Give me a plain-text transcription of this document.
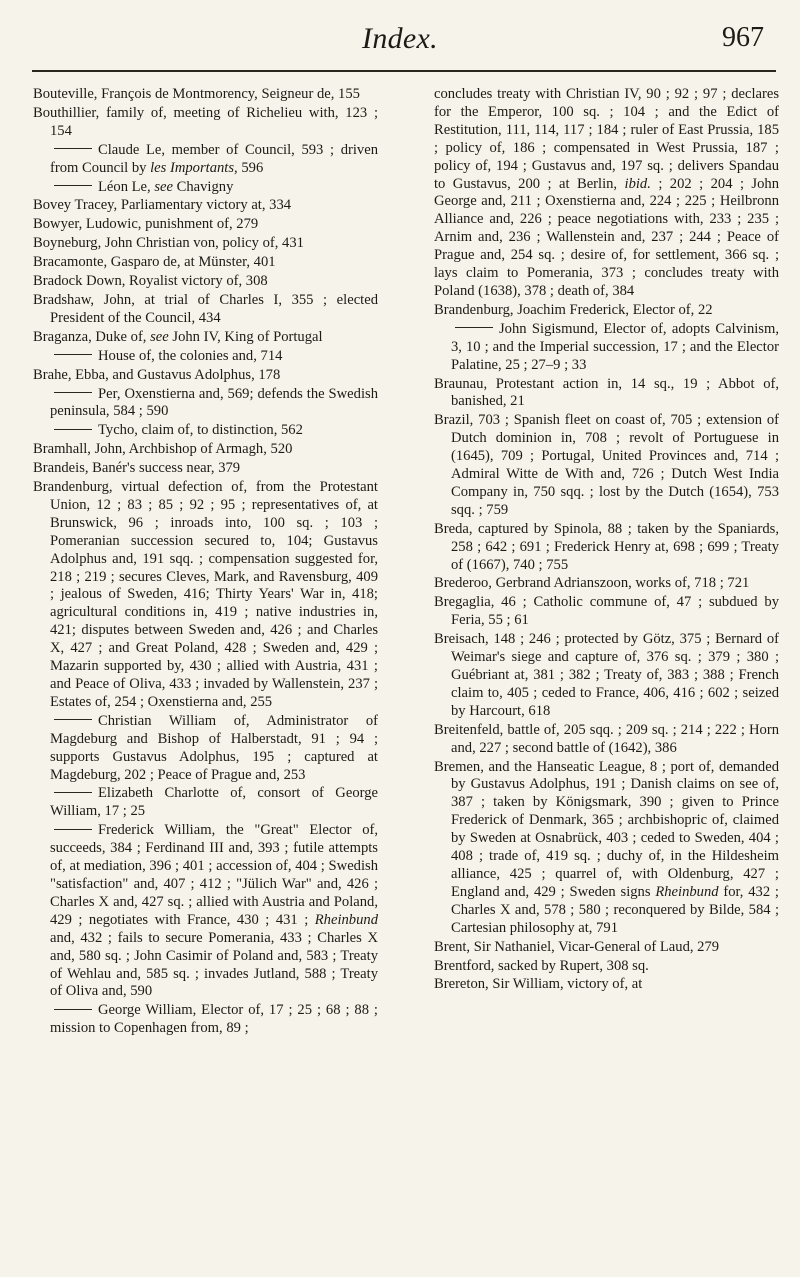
Index.	967
Bouteville, François de Montmorency, Seigneur de, 155
Bouthillier, family of, meeting of Richelieu with, 123 ; 154
Claude Le, member of Council, 593 ; driven from Council by les Importants, 596
Léon Le, see Chavigny
Bovey Tracey, Parliamentary victory at, 334
Bowyer, Ludowic, punishment of, 279
Boyneburg, John Christian von, policy of, 431
Bracamonte, Gasparo de, at Münster, 401
Bradock Down, Royalist victory of, 308
Bradshaw, John, at trial of Charles I, 355 ; elected President of the Council, 434
Braganza, Duke of, see John IV, King of Portugal
House of, the colonies and, 714
Brahe, Ebba, and Gustavus Adolphus, 178
Per, Oxenstierna and, 569; defends the Swedish peninsula, 584 ; 590
Tycho, claim of, to distinction, 562
Bramhall, John, Archbishop of Armagh, 520
Brandeis, Banér's success near, 379
Brandenburg, virtual defection of, from the Protestant Union, 12 ; 83 ; 85 ; 92 ; 95 ; representatives of, at Brunswick, 96 ; inroads into, 100 sq. ; 103 ; Pomeranian succession secured to, 104; Gustavus Adolphus and, 191 sqq. ; compensation suggested for, 218 ; 219 ; secures Cleves, Mark, and Ravensburg, 409 ; jealous of Sweden, 416; Thirty Years' War in, 418; agricultural conditions in, 419 ; native industries in, 421; disputes between Sweden and, 426 ; and Charles X, 427 ; and Great Poland, 428 ; Sweden and, 429 ; Mazarin supported by, 430 ; allied with Austria, 431 ; and Peace of Oliva, 433 ; invaded by Wallenstein, 237 ; Estates of, 254 ; Oxenstierna and, 255
Christian William of, Administrator of Magdeburg and Bishop of Halberstadt, 91 ; 94 ; supports Gustavus Adolphus, 195 ; captured at Magdeburg, 202 ; Peace of Prague and, 253
Elizabeth Charlotte of, consort of George William, 17 ; 25
Frederick William, the "Great" Elector of, succeeds, 384 ; Ferdinand III and, 393 ; futile attempts of, at mediation, 396 ; 401 ; accession of, 404 ; Swedish "satisfaction" and, 407 ; 412 ; "Jülich War" and, 426 ; Charles X and, 427 sq. ; allied with Austria and Poland, 429 ; negotiates with France, 430 ; 431 ; Rheinbund and, 432 ; fails to secure Pomerania, 433 ; Charles X and, 580 sq. ; John Casimir of Poland and, 583 ; Treaty of Wehlau and, 585 sq. ; invades Jutland, 588 ; Treaty of Oliva and, 590
George William, Elector of, 17 ; 25 ; 68 ; 88 ; mission to Copenhagen from, 89 ;
concludes treaty with Christian IV, 90 ; 92 ; 97 ; declares for the Emperor, 100 sq. ; 104 ; and the Edict of Restitution, 111, 114, 117 ; 184 ; ruler of East Prussia, 185 ; policy of, 186 ; compensated in West Prussia, 187 ; policy of, 194 ; Gustavus and, 197 sq. ; delivers Spandau to Gustavus, 200 ; at Berlin, ibid. ; 202 ; 204 ; John George and, 211 ; Oxenstierna and, 224 ; 225 ; Heilbronn Alliance and, 226 ; peace negotiations with, 233 ; 235 ; Arnim and, 236 ; Wallenstein and, 237 ; 244 ; Peace of Prague and, 254 sq. ; desire of, for settlement, 366 sq. ; lays claim to Pomerania, 373 ; concludes treaty with Poland (1638), 378 ; death of, 384
Brandenburg, Joachim Frederick, Elector of, 22
John Sigismund, Elector of, adopts Calvinism, 3, 10 ; and the Imperial succession, 17 ; and the Elector Palatine, 25 ; 27–9 ; 33
Braunau, Protestant action in, 14 sq., 19 ; Abbot of, banished, 21
Brazil, 703 ; Spanish fleet on coast of, 705 ; extension of Dutch dominion in, 708 ; revolt of Portuguese in (1645), 709 ; Portugal, United Provinces and, 714 ; Admiral Witte de With and, 726 ; Dutch West India Company in, 750 sqq. ; lost by the Dutch (1654), 753 sqq. ; 759
Breda, captured by Spinola, 88 ; taken by the Spaniards, 258 ; 642 ; 691 ; Frederick Henry at, 698 ; 699 ; Treaty of (1667), 740 ; 755
Brederoo, Gerbrand Adrianszoon, works of, 718 ; 721
Bregaglia, 46 ; Catholic commune of, 47 ; subdued by Feria, 55 ; 61
Breisach, 148 ; 246 ; protected by Götz, 375 ; Bernard of Weimar's siege and capture of, 376 sq. ; 379 ; 380 ; Guébriant at, 381 ; 382 ; Treaty of, 383 ; 388 ; French claim to, 405 ; ceded to France, 406, 416 ; 602 ; seized by Harcourt, 618
Breitenfeld, battle of, 205 sqq. ; 209 sq. ; 214 ; 222 ; Horn and, 227 ; second battle of (1642), 386
Bremen, and the Hanseatic League, 8 ; port of, demanded by Gustavus Adolphus, 191 ; Danish claims on see of, 387 ; taken by Königsmark, 390 ; given to Prince Frederick of Denmark, 365 ; archbishopric of, claimed by Sweden at Osnabrück, 403 ; ceded to Sweden, 404 ; 408 ; trade of, 419 sq. ; duchy of, in the Hildesheim alliance, 425 ; quarrel of, with Oldenburg, 427 ; England and, 429 ; Sweden signs Rheinbund for, 432 ; Charles X and, 578 ; 580 ; reconquered by Bilde, 584 ; Cartesian philosophy at, 791
Brent, Sir Nathaniel, Vicar-General of Laud, 279
Brentford, sacked by Rupert, 308 sq.
Brereton, Sir William, victory of, at
